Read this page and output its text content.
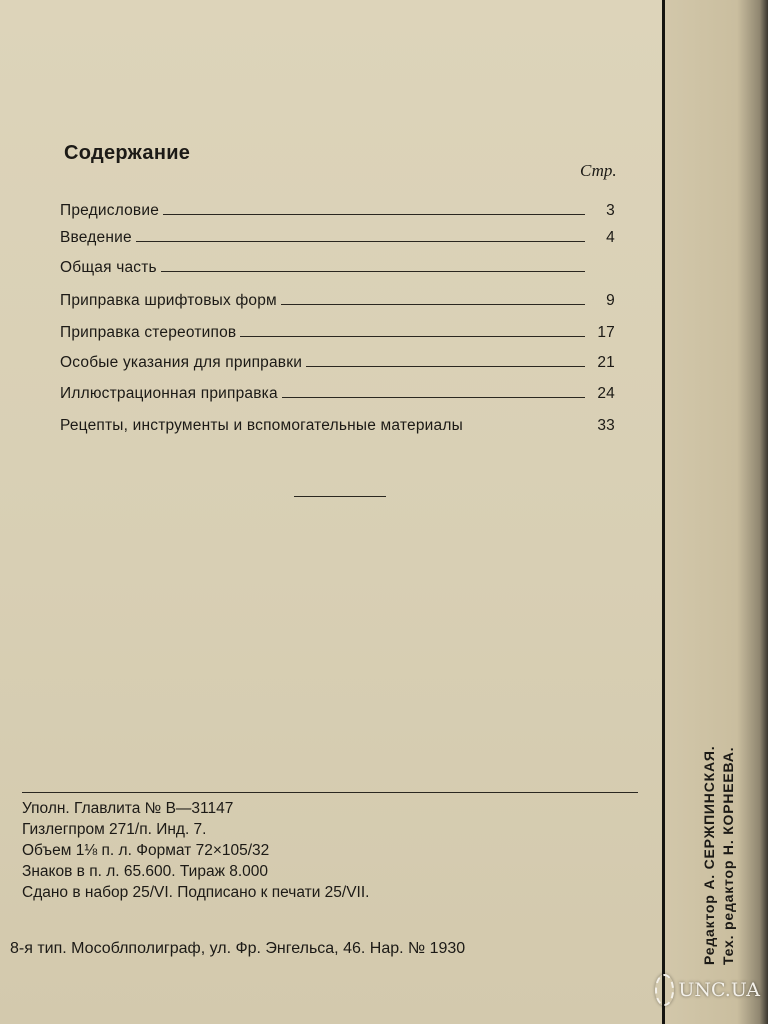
Содержание
Стр.
Предисловие	3
Введение	4
Общая часть
Приправка шрифтовых форм	9
Приправка стереотипов	17
Особые указания для приправки	21
Иллюстрационная приправка	24
Рецепты, инструменты и вспомогательные материалы	33
Уполн. Главлита № В—31147
Гизлегпром 271/п. Инд. 7.
Объем 1⅛ п. л. Формат 72×105/32
Знаков в п. л. 65.600. Тираж 8.000
Сдано в набор 25/VI. Подписано к печати 25/VII.
8-я тип. Мособлполиграф, ул. Фр. Энгельса, 46. Нар. № 1930	Редактор А. СЕРЖПИНСКАЯ. Тех. редактор Н. КОРНЕЕВА.
UNC.UA
